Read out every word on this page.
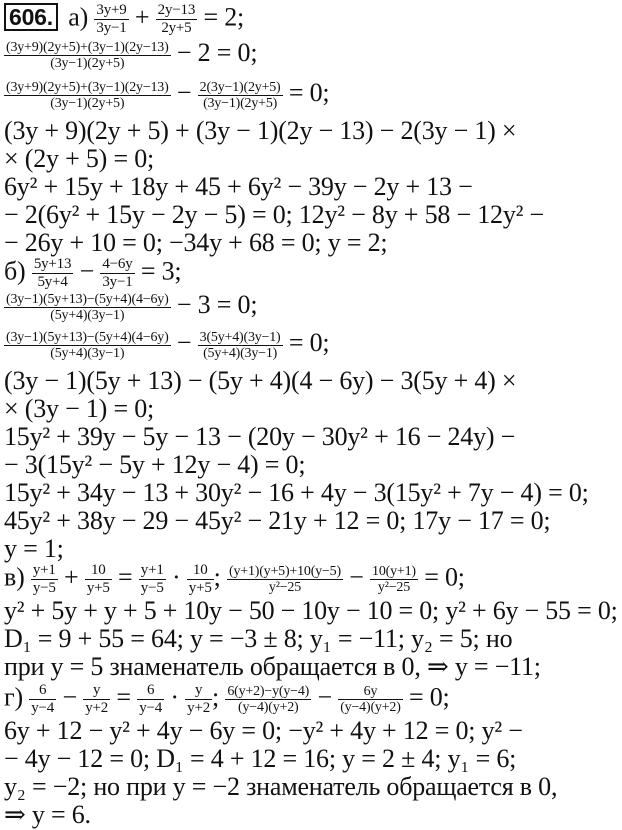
606. $а) \frac{3y+9}{3y-1} + \frac{2y-13}{2y+5} = 2$;
$\frac{(3y+9)(2y+5)+(3y-1)(2y-13)}{(3y-1)(2y+5)} - 2 = 0$;
$\frac{(3y+9)(2y+5)+(3y-1)(2y-13)}{(3y-1)(2y+5)} - \frac{2(3y-1)(2y+5)}{(3y-1)(2y+5)} = 0$;
(3y + 9)(2y + 5) + (3y − 1)(2y − 13) − 2(3y − 1) ×
× (2y + 5) = 0;
6y² + 15y + 18y + 45 + 6y² − 39y − 2y + 13 −
− 2(6y² + 15y − 2y − 5) = 0; 12y² − 8y + 58 − 12y² −
− 26y + 10 = 0; −34y + 68 = 0; y = 2;
$б) \frac{5y+13}{5y+4} - \frac{4-6y}{3y-1} = 3$;
$\frac{(3y-1)(5y+13)-(5y+4)(4-6y)}{(5y+4)(3y-1)} - 3 = 0$;
$\frac{(3y-1)(5y+13)-(5y+4)(4-6y)}{(5y+4)(3y-1)} - \frac{3(5y+4)(3y-1)}{(5y+4)(3y-1)} = 0$;
(3y − 1)(5y + 13) − (5y + 4)(4 − 6y) − 3(5y + 4) ×
× (3y − 1) = 0;
15y² + 39y − 5y − 13 − (20y − 30y² + 16 − 24y) −
− 3(15y² − 5y + 12y − 4) = 0;
15y² + 34y − 13 + 30y² − 16 + 4y − 3(15y² + 7y − 4) = 0;
45y² + 38y − 29 − 45y² − 21y + 12 = 0; 17y − 17 = 0;
y = 1;
$в) \frac{y+1}{y-5} + \frac{10}{y+5} = \frac{y+1}{y-5} \cdot \frac{10}{y+5}$ ; $\frac{(y+1)(y+5)+10(y-5)}{\text{y²−25}} - \frac{10(y+1)}{\text{y²−25}} = 0$;
y² + 5y + y + 5 + 10y − 50 − 10y − 10 = 0; y² + 6y − 55 = 0;
D₁ = 9 + 55 = 64; y = −3 ± 8; y₁ = −11; y₂ = 5; но
при y = 5 знаменатель обращается в 0, ⇒ y = −11;
$г) \frac{6}{y-4} - \frac{y}{y+2} = \frac{6}{y-4} \cdot \frac{y}{y+2}$ ; $\frac{6(y+2)-y(y-4)}{(y-4)(y+2)} - \frac{6y}{(y-4)(y+2)} = 0$;
6y + 12 − y² + 4y − 6y = 0; −y² + 4y + 12 = 0; y² −
− 4y − 12 = 0; D₁ = 4 + 12 = 16; y = 2 ± 4; y₁ = 6;
y₂ = −2; но при y = −2 знаменатель обращается в 0,
⇒ y = 6.
